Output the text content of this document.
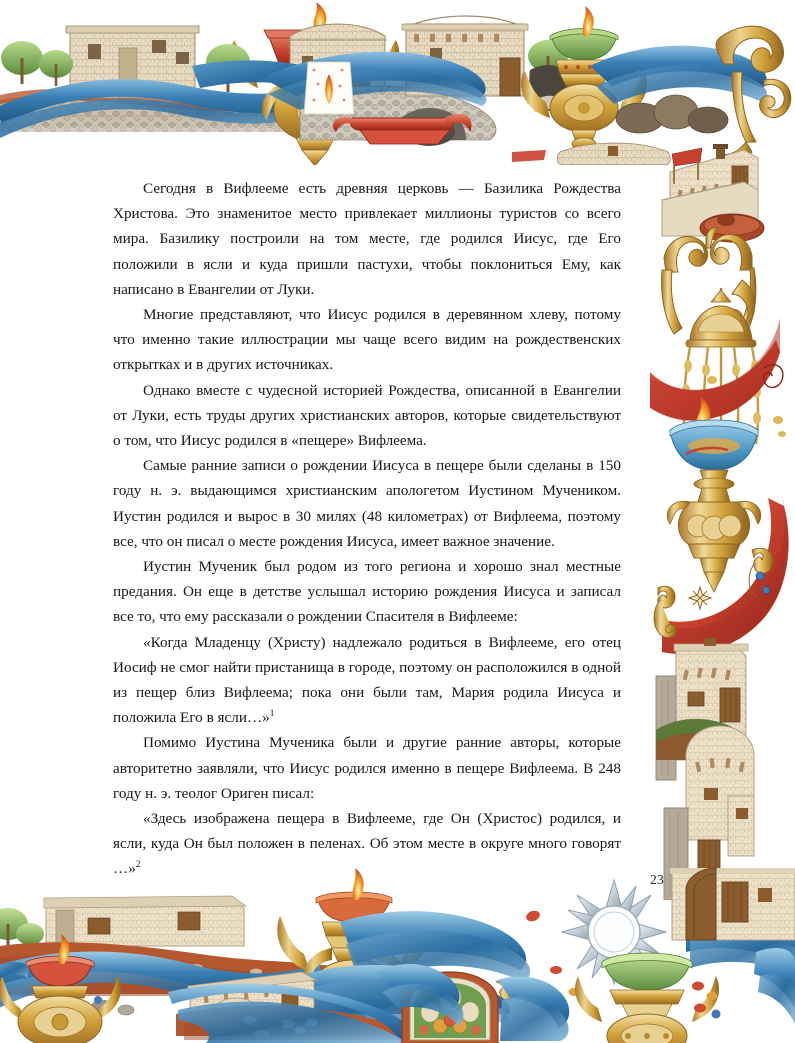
23

Сегодня в Вифлееме есть древняя церковь — Базилика Рождества Христова. Это знаменитое место привлекает миллионы туристов со всего мира. Базилику построили на том месте, где родился Иисус, где Его положили в ясли и куда пришли пастухи, чтобы поклониться Ему, как написано в Евангелии от Луки.

Многие представляют, что Иисус родился в деревянном хлеву, потому что именно такие иллюстрации мы чаще всего видим на рождественских открытках и в других источниках.

Однако вместе с чудесной историей Рождества, описанной в Евангелии от Луки, есть труды других христианских авторов, которые свидетельствуют о том, что Иисус родился в «пещере» Вифлеема.

Самые ранние записи о рождении Иисуса в пещере были сделаны в 150 году н. э. выдающимся христианским апологетом Иустином Мучеником. Иустин родился и вырос в 30 милях (48 километрах) от Вифлеема, поэтому все, что он писал о месте рождения Иисуса, имеет важное значение.

Иустин Мученик был родом из того региона и хорошо знал местные предания. Он еще в детстве услышал историю рождения Иисуса и записал все то, что ему рассказали о рождении Спасителя в Вифлееме:

«Когда Младенцу (Христу) надлежало родиться в Вифлееме, его отец Иосиф не смог найти пристанища в городе, поэтому он расположился в одной из пещер близ Вифлеема; пока они были там, Мария родила Иисуса и положила Его в ясли…»$^1$

Помимо Иустина Мученика были и другие ранние авторы, которые авторитетно заявляли, что Иисус родился именно в пещере Вифлеема. В 248 году н. э. теолог Ориген писал:

«Здесь изображена пещера в Вифлееме, где Он (Христос) родился, и ясли, куда Он был положен в пеленах. Об этом месте в округе много говорят …»$^2$
